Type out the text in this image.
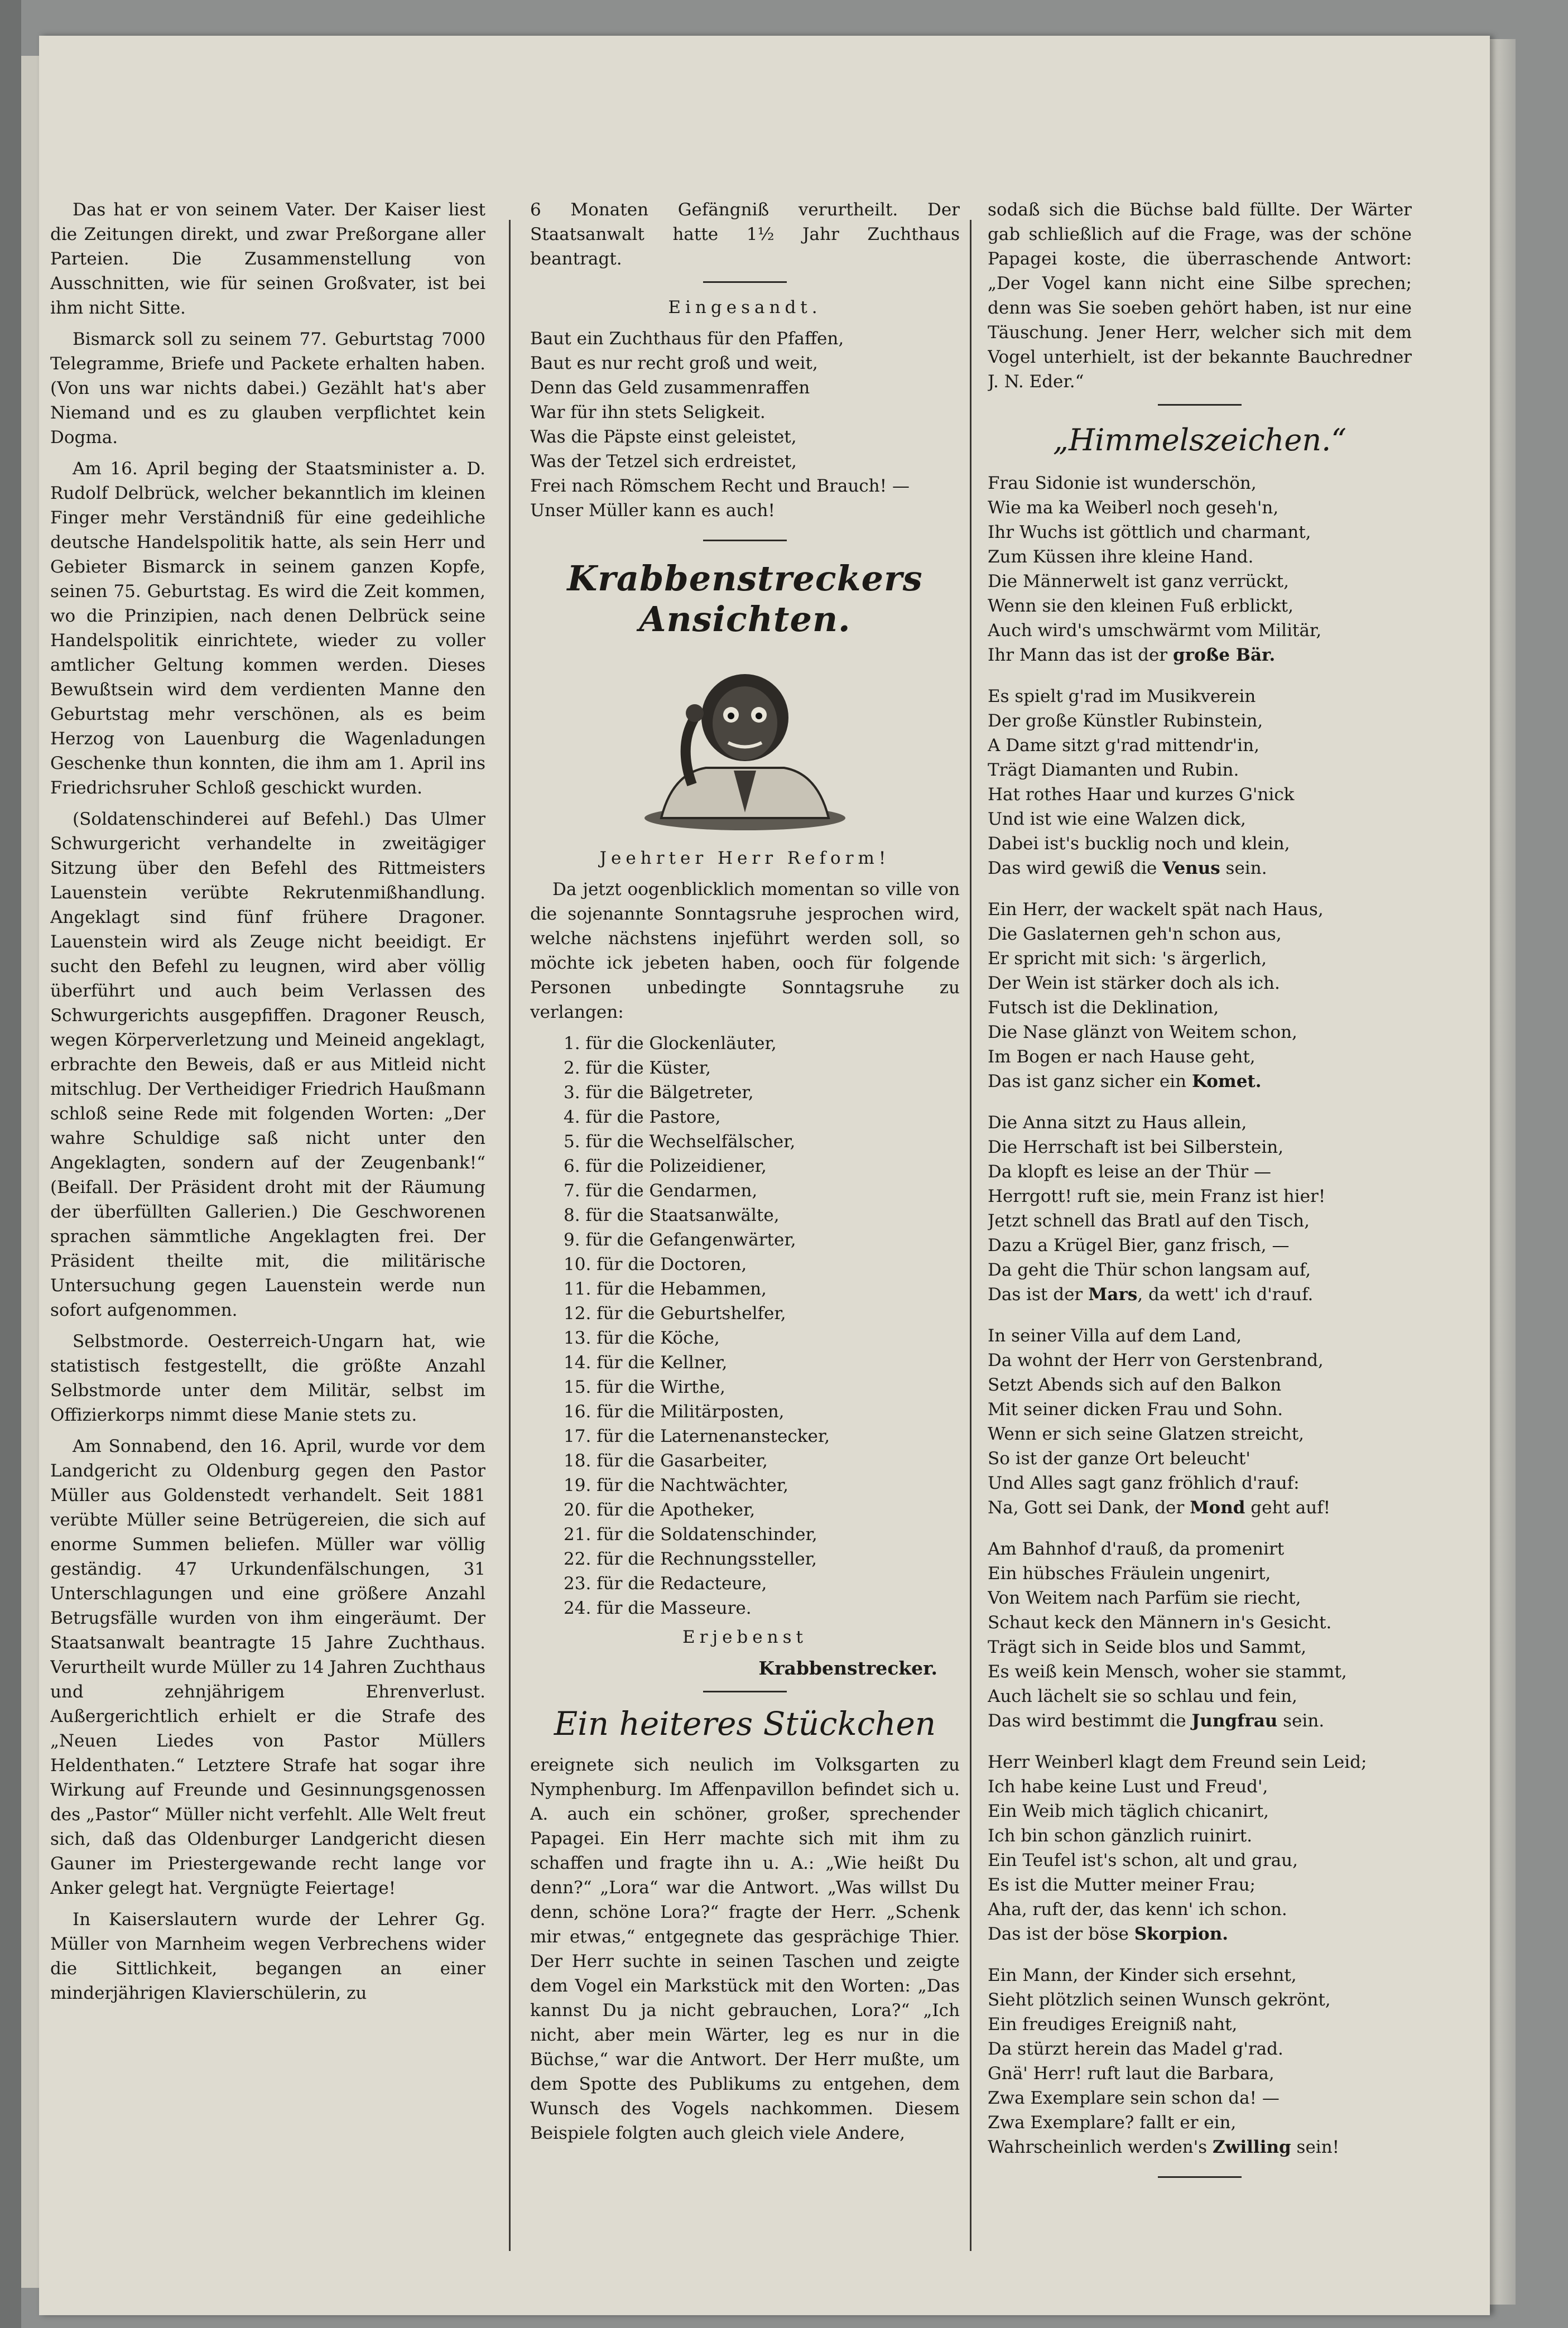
Das hat er von seinem Vater. Der Kaiser liest die Zeitungen direkt, und zwar Preßorgane aller Parteien. Die Zusammenstellung von Ausschnitten, wie für seinen Großvater, ist bei ihm nicht Sitte.

Bismarck soll zu seinem 77. Geburtstag 7000 Telegramme, Briefe und Packete erhalten haben. (Von uns war nichts dabei.) Gezählt hat's aber Niemand und es zu glauben verpflichtet kein Dogma.

Am 16. April beging der Staatsminister a. D. Rudolf Delbrück, welcher bekanntlich im kleinen Finger mehr Verständniß für eine gedeihliche deutsche Handelspolitik hatte, als sein Herr und Gebieter Bismarck in seinem ganzen Kopfe, seinen 75. Geburtstag. Es wird die Zeit kommen, wo die Prinzipien, nach denen Delbrück seine Handelspolitik einrichtete, wieder zu voller amtlicher Geltung kommen werden. Dieses Bewußtsein wird dem verdienten Manne den Geburtstag mehr verschönen, als es beim Herzog von Lauenburg die Wagenladungen Geschenke thun konnten, die ihm am 1. April ins Friedrichsruher Schloß geschickt wurden.

(Soldatenschinderei auf Befehl.) Das Ulmer Schwurgericht verhandelte in zweitägiger Sitzung über den Befehl des Rittmeisters Lauenstein verübte Rekrutenmißhandlung. Angeklagt sind fünf frühere Dragoner. Lauenstein wird als Zeuge nicht beeidigt. Er sucht den Befehl zu leugnen, wird aber völlig überführt und auch beim Verlassen des Schwurgerichts ausgepfiffen. Dragoner Reusch, wegen Körperverletzung und Meineid angeklagt, erbrachte den Beweis, daß er aus Mitleid nicht mitschlug. Der Vertheidiger Friedrich Haußmann schloß seine Rede mit folgenden Worten: „Der wahre Schuldige saß nicht unter den Angeklagten, sondern auf der Zeugenbank!“ (Beifall. Der Präsident droht mit der Räumung der überfüllten Gallerien.) Die Geschworenen sprachen sämmtliche Angeklagten frei. Der Präsident theilte mit, die militärische Untersuchung gegen Lauenstein werde nun sofort aufgenommen.

Selbstmorde. Oesterreich-Ungarn hat, wie statistisch festgestellt, die größte Anzahl Selbstmorde unter dem Militär, selbst im Offizierkorps nimmt diese Manie stets zu.

Am Sonnabend, den 16. April, wurde vor dem Landgericht zu Oldenburg gegen den Pastor Müller aus Goldenstedt verhandelt. Seit 1881 verübte Müller seine Betrügereien, die sich auf enorme Summen beliefen. Müller war völlig geständig. 47 Urkundenfälschungen, 31 Unterschlagungen und eine größere Anzahl Betrugsfälle wurden von ihm eingeräumt. Der Staatsanwalt beantragte 15 Jahre Zuchthaus. Verurtheilt wurde Müller zu 14 Jahren Zuchthaus und zehnjährigem Ehrenverlust. Außergerichtlich erhielt er die Strafe des „Neuen Liedes von Pastor Müllers Heldenthaten.“ Letztere Strafe hat sogar ihre Wirkung auf Freunde und Gesinnungsgenossen des „Pastor“ Müller nicht verfehlt. Alle Welt freut sich, daß das Oldenburger Landgericht diesen Gauner im Priestergewande recht lange vor Anker gelegt hat. Vergnügte Feiertage!

In Kaiserslautern wurde der Lehrer Gg. Müller von Marnheim wegen Verbrechens wider die Sittlichkeit, begangen an einer minderjährigen Klavierschülerin, zu

6 Monaten Gefängniß verurtheilt. Der Staatsanwalt hatte 1½ Jahr Zuchthaus beantragt.

Eingesandt.

Baut ein Zuchthaus für den Pfaffen,
Baut es nur recht groß und weit,
Denn das Geld zusammenraffen
War für ihn stets Seligkeit.
Was die Päpste einst geleistet,
Was der Tetzel sich erdreistet,
Frei nach Römschem Recht und Brauch! —
Unser Müller kann es auch!
Krabbenstreckers Ansichten.

Jeehrter Herr Reform!

Da jetzt oogenblicklich momentan so ville von die sojenannte Sonntagsruhe jesprochen wird, welche nächstens injeführt werden soll, so möchte ick jebeten haben, ooch für folgende Personen unbedingte Sonntagsruhe zu verlangen:

1. für die Glockenläuter,
2. für die Küster,
3. für die Bälgetreter,
4. für die Pastore,
5. für die Wechselfälscher,
6. für die Polizeidiener,
7. für die Gendarmen,
8. für die Staatsanwälte,
9. für die Gefangenwärter,
10. für die Doctoren,
11. für die Hebammen,
12. für die Geburtshelfer,
13. für die Köche,
14. für die Kellner,
15. für die Wirthe,
16. für die Militärposten,
17. für die Laternenanstecker,
18. für die Gasarbeiter,
19. für die Nachtwächter,
20. für die Apotheker,
21. für die Soldatenschinder,
22. für die Rechnungssteller,
23. für die Redacteure,
24. für die Masseure.

Erjebenst

Krabbenstrecker.

Ein heiteres Stückchen

ereignete sich neulich im Volksgarten zu Nymphenburg. Im Affenpavillon befindet sich u. A. auch ein schöner, großer, sprechender Papagei. Ein Herr machte sich mit ihm zu schaffen und fragte ihn u. A.: „Wie heißt Du denn?“ „Lora“ war die Antwort. „Was willst Du denn, schöne Lora?“ fragte der Herr. „Schenk mir etwas,“ entgegnete das gesprächige Thier. Der Herr suchte in seinen Taschen und zeigte dem Vogel ein Markstück mit den Worten: „Das kannst Du ja nicht gebrauchen, Lora?“ „Ich nicht, aber mein Wärter, leg es nur in die Büchse,“ war die Antwort. Der Herr mußte, um dem Spotte des Publikums zu entgehen, dem Wunsch des Vogels nachkommen. Diesem Beispiele folgten auch gleich viele Andere,

sodaß sich die Büchse bald füllte. Der Wärter gab schließlich auf die Frage, was der schöne Papagei koste, die überraschende Antwort: „Der Vogel kann nicht eine Silbe sprechen; denn was Sie soeben gehört haben, ist nur eine Täuschung. Jener Herr, welcher sich mit dem Vogel unterhielt, ist der bekannte Bauchredner J. N. Eder.“

„Himmelszeichen.“
Frau Sidonie ist wunderschön,
Wie ma ka Weiberl noch geseh'n,
Ihr Wuchs ist göttlich und charmant,
Zum Küssen ihre kleine Hand.
Die Männerwelt ist ganz verrückt,
Wenn sie den kleinen Fuß erblickt,
Auch wird's umschwärmt vom Militär,
Ihr Mann das ist der große Bär.
Es spielt g'rad im Musikverein
Der große Künstler Rubinstein,
A Dame sitzt g'rad mittendr'in,
Trägt Diamanten und Rubin.
Hat rothes Haar und kurzes G'nick
Und ist wie eine Walzen dick,
Dabei ist's bucklig noch und klein,
Das wird gewiß die Venus sein.
Ein Herr, der wackelt spät nach Haus,
Die Gaslaternen geh'n schon aus,
Er spricht mit sich: 's ärgerlich,
Der Wein ist stärker doch als ich.
Futsch ist die Deklination,
Die Nase glänzt von Weitem schon,
Im Bogen er nach Hause geht,
Das ist ganz sicher ein Komet.
Die Anna sitzt zu Haus allein,
Die Herrschaft ist bei Silberstein,
Da klopft es leise an der Thür —
Herrgott! ruft sie, mein Franz ist hier!
Jetzt schnell das Bratl auf den Tisch,
Dazu a Krügel Bier, ganz frisch, —
Da geht die Thür schon langsam auf,
Das ist der Mars, da wett' ich d'rauf.
In seiner Villa auf dem Land,
Da wohnt der Herr von Gerstenbrand,
Setzt Abends sich auf den Balkon
Mit seiner dicken Frau und Sohn.
Wenn er sich seine Glatzen streicht,
So ist der ganze Ort beleucht'
Und Alles sagt ganz fröhlich d'rauf:
Na, Gott sei Dank, der Mond geht auf!
Am Bahnhof d'rauß, da promenirt
Ein hübsches Fräulein ungenirt,
Von Weitem nach Parfüm sie riecht,
Schaut keck den Männern in's Gesicht.
Trägt sich in Seide blos und Sammt,
Es weiß kein Mensch, woher sie stammt,
Auch lächelt sie so schlau und fein,
Das wird bestimmt die Jungfrau sein.
Herr Weinberl klagt dem Freund sein Leid;
Ich habe keine Lust und Freud',
Ein Weib mich täglich chicanirt,
Ich bin schon gänzlich ruinirt.
Ein Teufel ist's schon, alt und grau,
Es ist die Mutter meiner Frau;
Aha, ruft der, das kenn' ich schon.
Das ist der böse Skorpion.
Ein Mann, der Kinder sich ersehnt,
Sieht plötzlich seinen Wunsch gekrönt,
Ein freudiges Ereigniß naht,
Da stürzt herein das Madel g'rad.
Gnä' Herr! ruft laut die Barbara,
Zwa Exemplare sein schon da! —
Zwa Exemplare? fallt er ein,
Wahrscheinlich werden's Zwilling sein!
